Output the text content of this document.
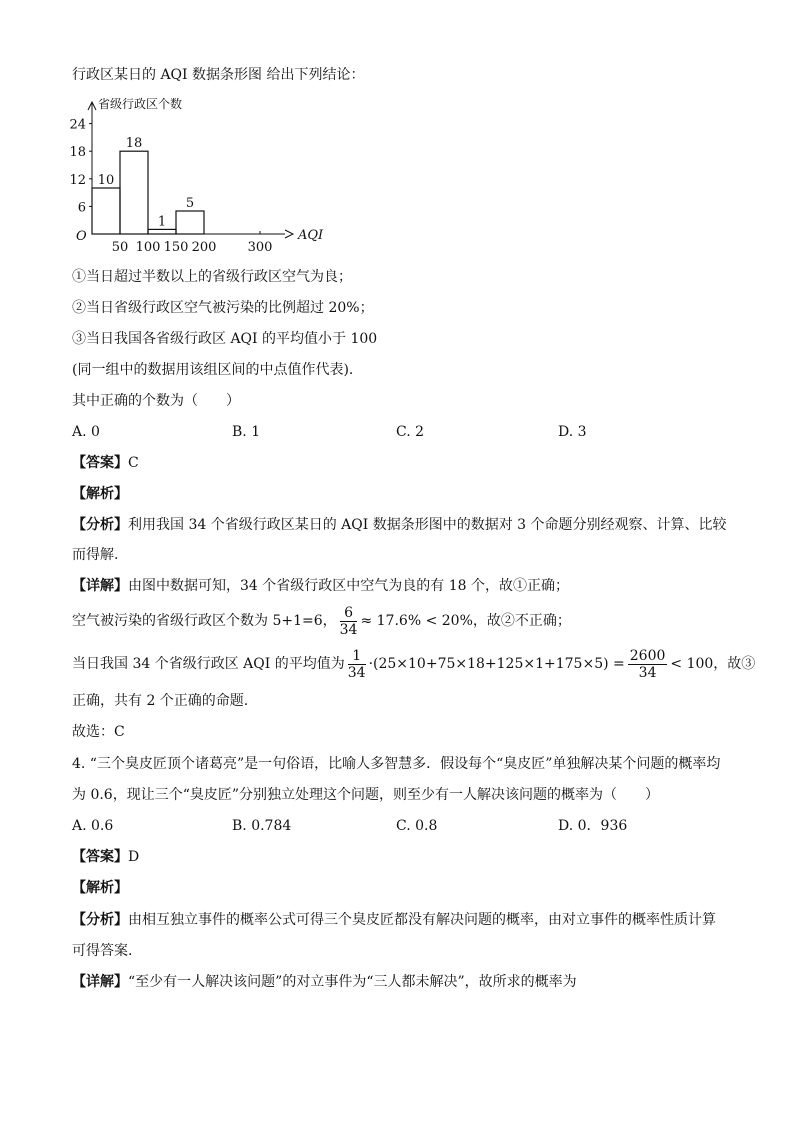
行政区某日的 AQI 数据条形图 给出下列结论：
省级行政区个数
AQI
O
6
12
18
24
50 100 150 200 300
10
18
1
5
①当日超过半数以上的省级行政区空气为良；
②当日省级行政区空气被污染的比例超过 20%；
③当日我国各省级行政区 AQI 的平均值小于 100
(同一组中的数据用该组区间的中点值作代表).
其中正确的个数为（　　）
A. 0	B. 1	C. 2	D. 3
【答案】C
【解析】
【分析】利用我国 34 个省级行政区某日的 AQI 数据条形图中的数据对 3 个命题分别经观察、计算、比较
而得解.
【详解】由图中数据可知，34 个省级行政区中空气为良的有 18 个，故①正确；
空气被污染的省级行政区个数为 5+1=6， $\frac{6}{34} \approx 17.6\% < 20\%$，故②不正确；
当日我国 34 个省级行政区 AQI 的平均值为 $\frac{1}{34} \cdot(25\times 10+75\times 18+125\times 1+175\times 5) = \frac{2600}{34} < 100$，故③
正确，共有 2 个正确的命题.
故选：C
4. “三个臭皮匠顶个诸葛亮”是一句俗语，比喻人多智慧多．假设每个“臭皮匠”单独解决某个问题的概率均
为 0.6，现让三个“臭皮匠”分别独立处理这个问题，则至少有一人解决该问题的概率为（　　）
A. 0.6	B. 0.784	C. 0.8	D. 0．936
【答案】D
【解析】
【分析】由相互独立事件的概率公式可得三个臭皮匠都没有解决问题的概率，由对立事件的概率性质计算
可得答案.
【详解】“至少有一人解决该问题”的对立事件为“三人都未解决”，故所求的概率为
